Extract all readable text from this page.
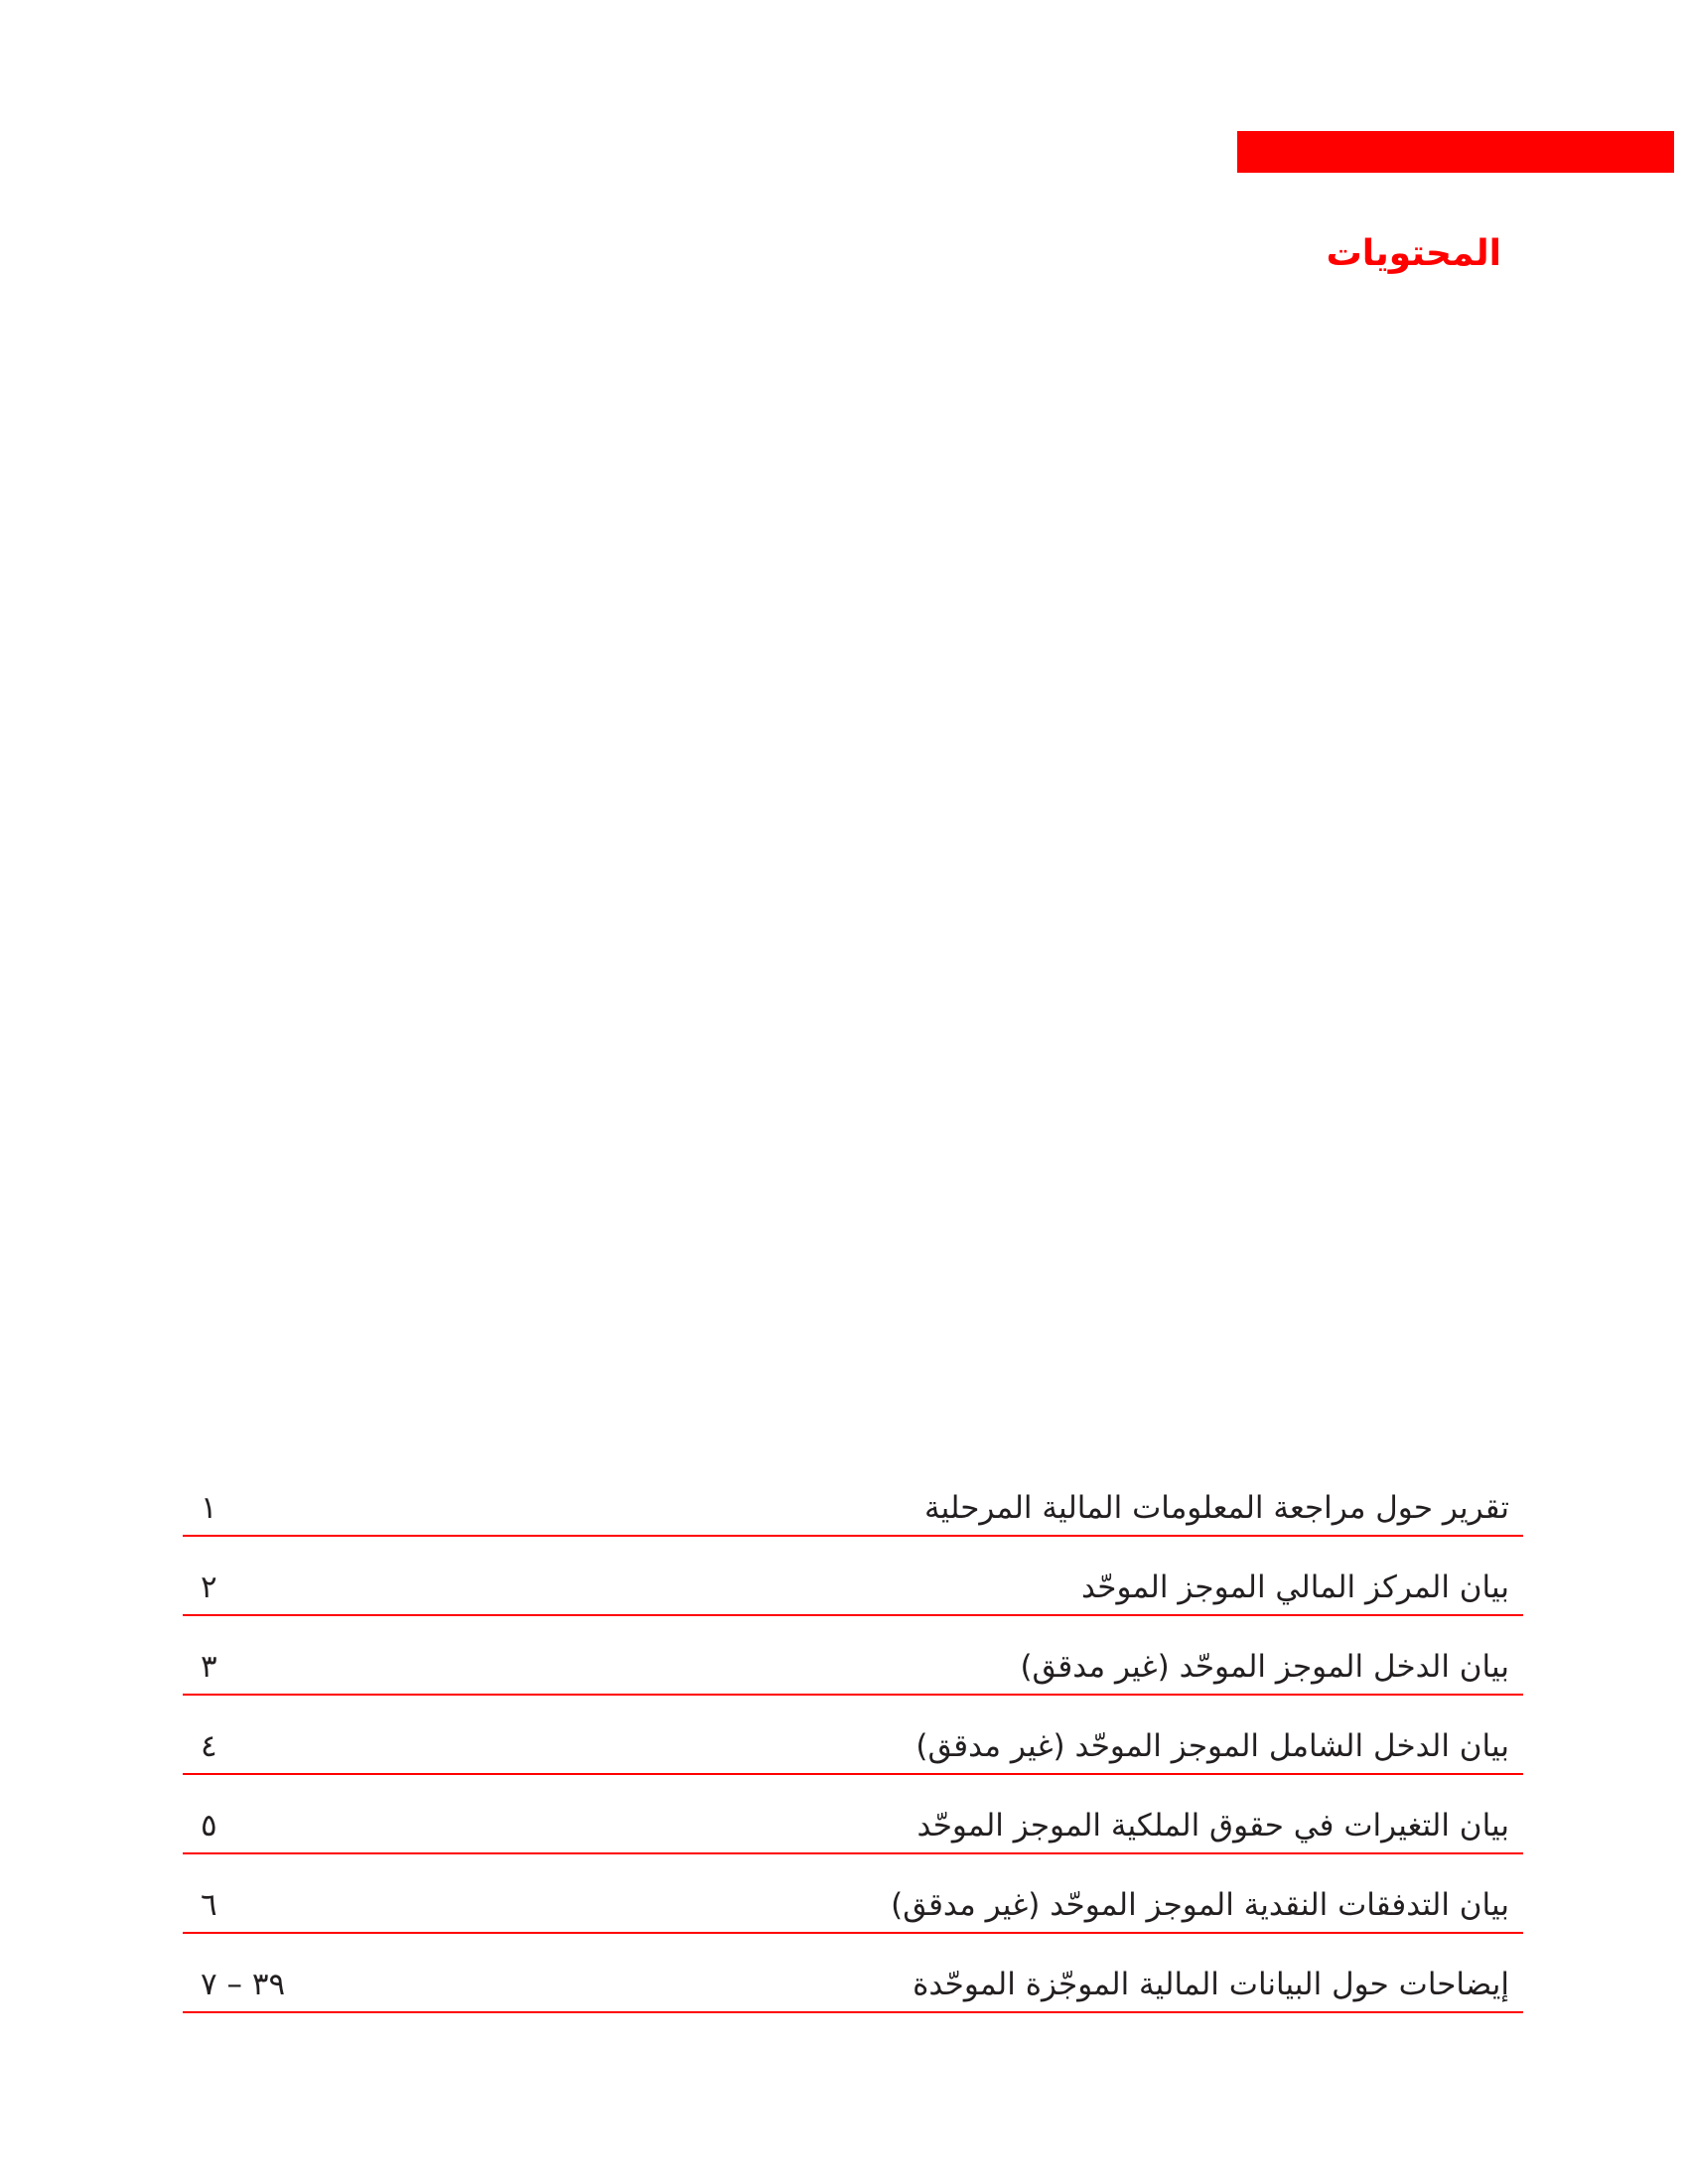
المحتويات
تقرير حول مراجعة المعلومات المالية المرحلية
١
بيان المركز المالي الموجز الموحّد
٢
بيان الدخل الموجز الموحّد (غير مدقق)
٣
بيان الدخل الشامل الموجز الموحّد (غير مدقق)
٤
بيان التغيرات في حقوق الملكية الموجز الموحّد
٥
بيان التدفقات النقدية الموجز الموحّد (غير مدقق)
٦
إيضاحات حول البيانات المالية الموجّزة الموحّدة
٣٩ – ٧
